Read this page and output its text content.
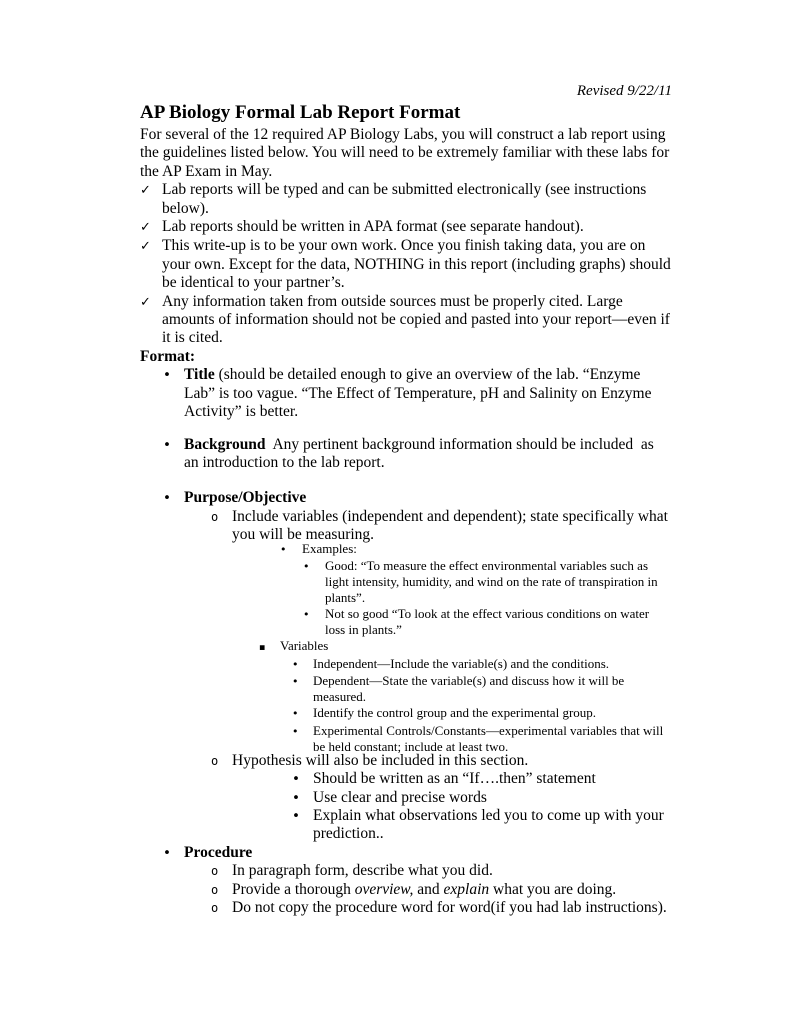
Revised 9/22/11
AP Biology Formal Lab Report Format

For several of the 12 required AP Biology Labs, you will construct a lab report using the guidelines listed below. You will need to be extremely familiar with these labs for the AP Exam in May.

✓ Lab reports will be typed and can be submitted electronically (see instructions below).
✓ Lab reports should be written in APA format (see separate handout).
✓ This write-up is to be your own work. Once you finish taking data, you are on your own. Except for the data, NOTHING in this report (including graphs) should be identical to your partner’s.
✓ Any information taken from outside sources must be properly cited. Large amounts of information should not be copied and pasted into your report—even if it is cited.
Format:
• Title (should be detailed enough to give an overview of the lab. “Enzyme Lab” is too vague. “The Effect of Temperature, pH and Salinity on Enzyme Activity” is better.
• Background  Any pertinent background information should be included  as an introduction to the lab report.
• Purpose/Objective
o Include variables (independent and dependent); state specifically what you will be measuring.
•	Examples:
•	Good: “To measure the effect environmental variables such as light intensity, humidity, and wind on the rate of transpiration in plants”.
•	Not so good “To look at the effect various conditions on water loss in plants.”
▪	Variables
•	Independent—Include the variable(s) and the conditions.
•	Dependent—State the variable(s) and discuss how it will be measured.
•	Identify the control group and the experimental group.
•	Experimental Controls/Constants—experimental variables that will be held constant; include at least two.
o Hypothesis will also be included in this section.
• Should be written as an “If….then” statement
• Use clear and precise words
• Explain what observations led you to come up with your prediction..
• Procedure
o In paragraph form, describe what you did.
o Provide a thorough overview, and explain what you are doing.
o Do not copy the procedure word for word(if you had lab instructions).
